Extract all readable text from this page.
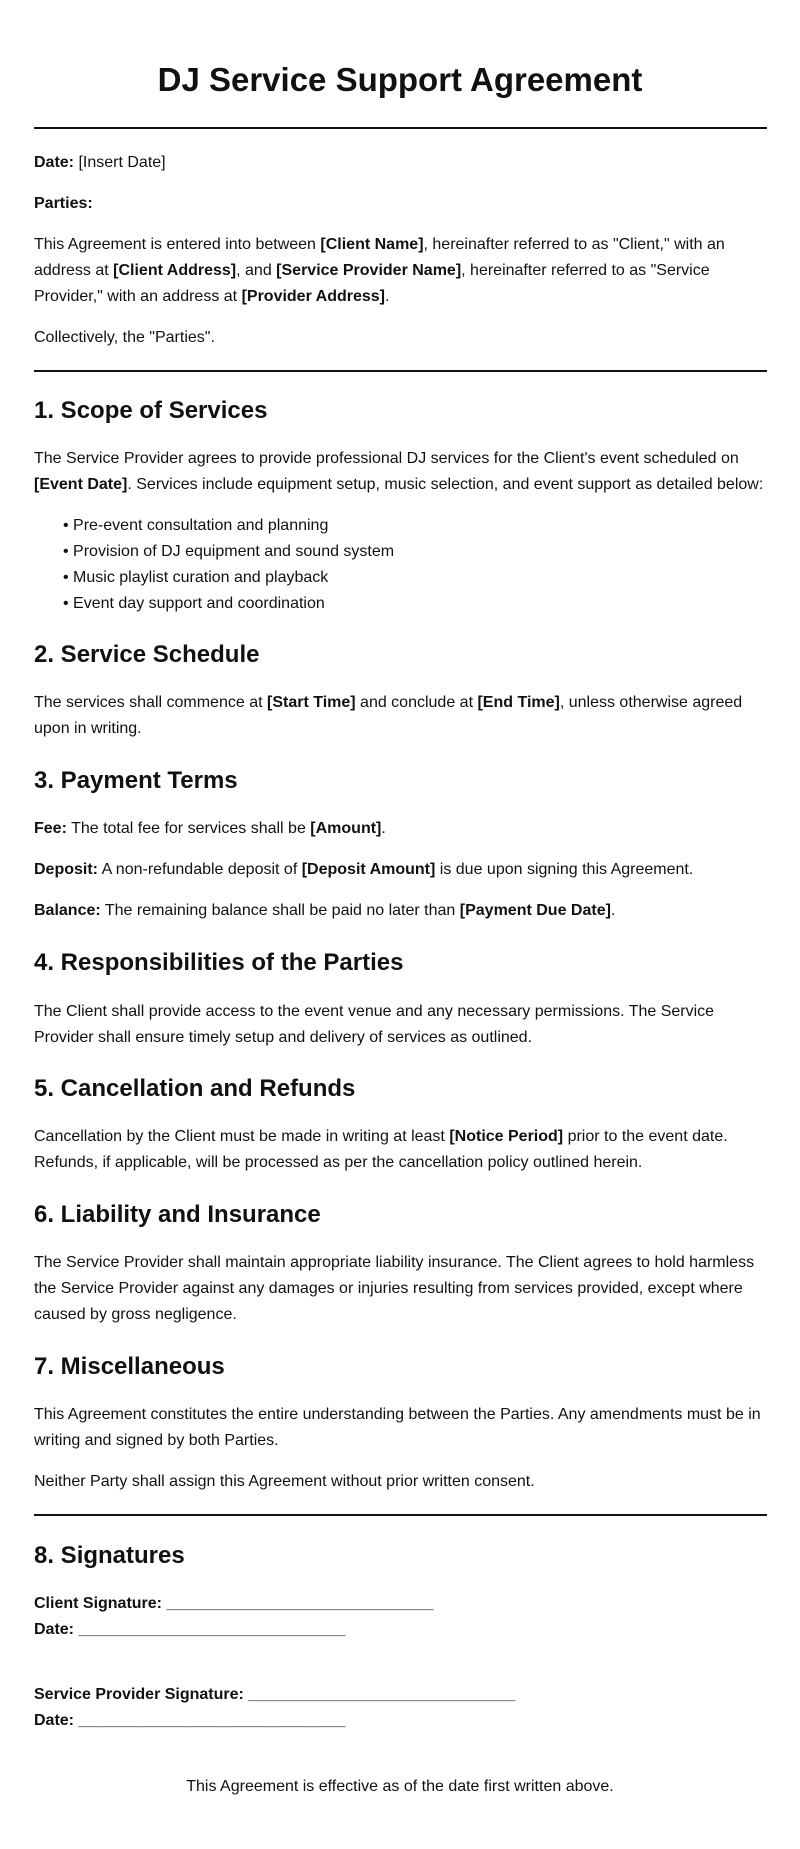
DJ Service Support Agreement

Date: [Insert Date]

Parties:

This Agreement is entered into between [Client Name], hereinafter referred to as "Client," with an

address at [Client Address], and [Service Provider Name], hereinafter referred to as "Service

Provider," with an address at [Provider Address].

Collectively, the "Parties".

1. Scope of Services

The Service Provider agrees to provide professional DJ services for the Client's event scheduled on

[Event Date]. Services include equipment setup, music selection, and event support as detailed below:

• Pre-event consultation and planning

• Provision of DJ equipment and sound system

• Music playlist curation and playback

• Event day support and coordination

2. Service Schedule

The services shall commence at [Start Time] and conclude at [End Time], unless otherwise agreed

upon in writing.

3. Payment Terms

Fee: The total fee for services shall be [Amount].

Deposit: A non-refundable deposit of [Deposit Amount] is due upon signing this Agreement.

Balance: The remaining balance shall be paid no later than [Payment Due Date].

4. Responsibilities of the Parties

The Client shall provide access to the event venue and any necessary permissions. The Service

Provider shall ensure timely setup and delivery of services as outlined.

5. Cancellation and Refunds

Cancellation by the Client must be made in writing at least [Notice Period] prior to the event date.

Refunds, if applicable, will be processed as per the cancellation policy outlined herein.

6. Liability and Insurance

The Service Provider shall maintain appropriate liability insurance. The Client agrees to hold harmless

the Service Provider against any damages or injuries resulting from services provided, except where

caused by gross negligence.

7. Miscellaneous

This Agreement constitutes the entire understanding between the Parties. Any amendments must be in

writing and signed by both Parties.

Neither Party shall assign this Agreement without prior written consent.

8. Signatures

Client Signature: ______________________________

Date: ______________________________

Service Provider Signature: ______________________________

Date: ______________________________

This Agreement is effective as of the date first written above.
